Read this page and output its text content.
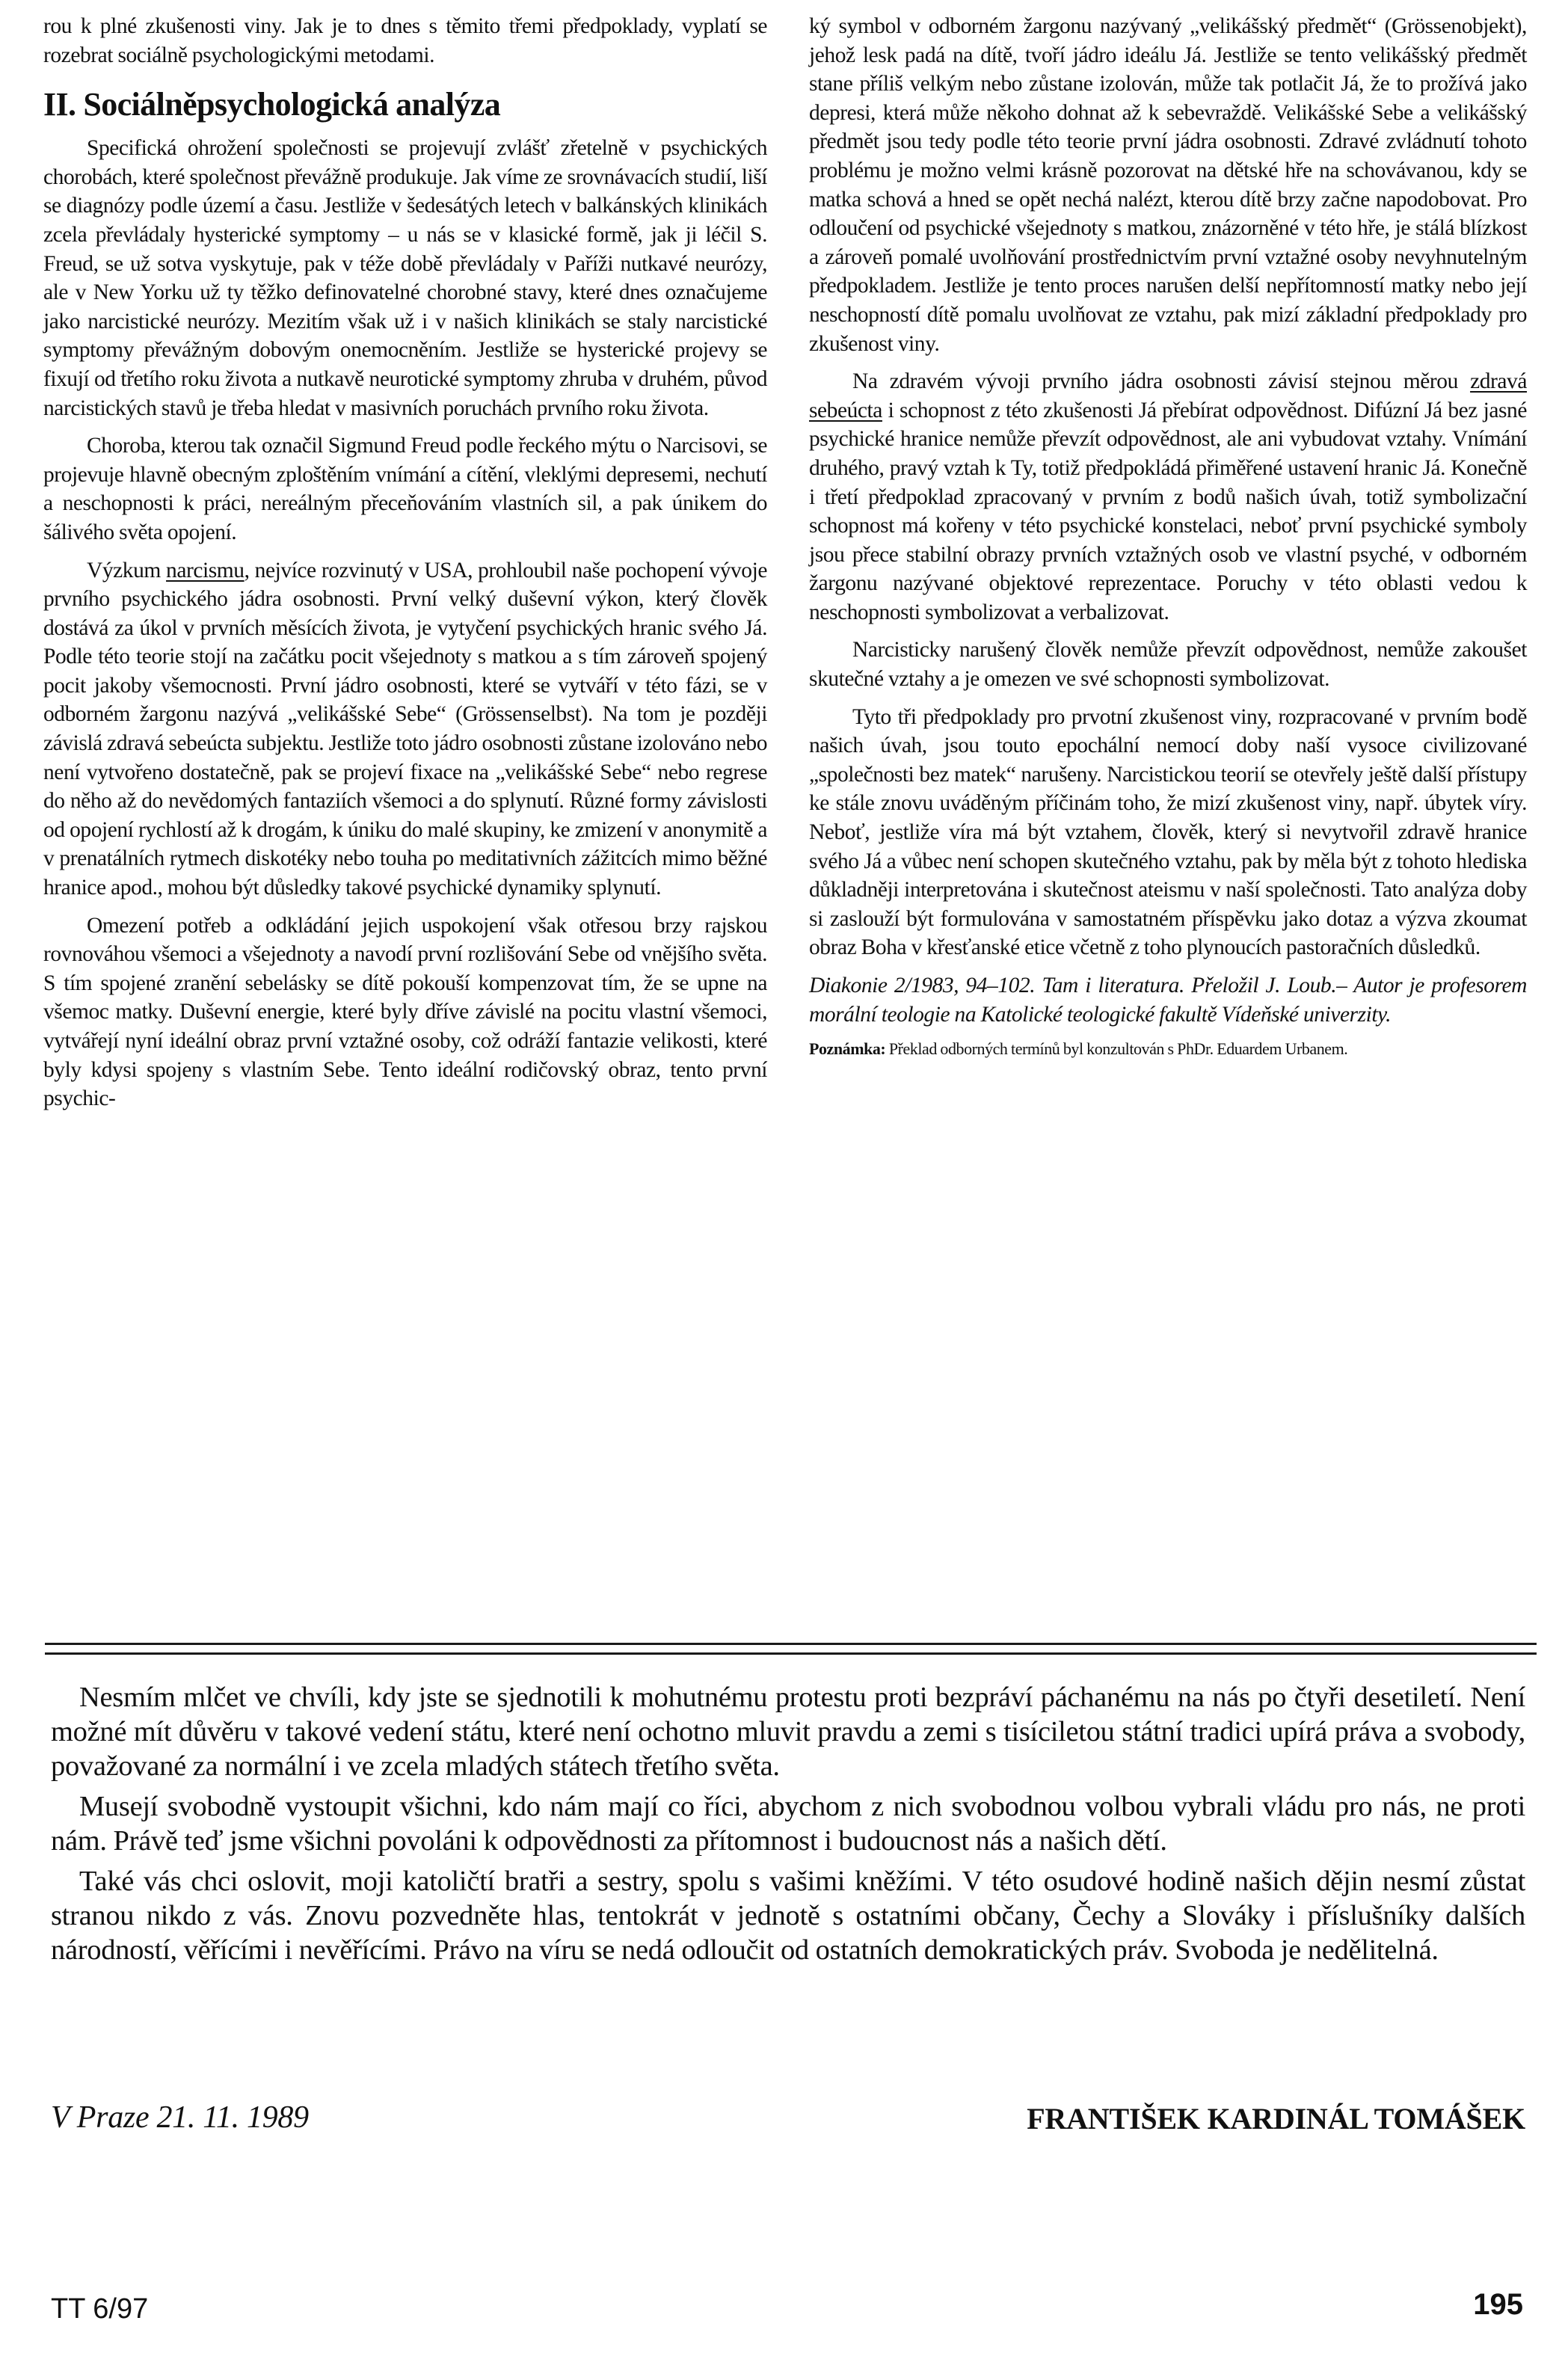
rou k plné zkušenosti viny. Jak je to dnes s těmito třemi předpoklady, vyplatí se rozebrat sociálně psychologickými metodami.

II. Sociálněpsychologická analýza

Specifická ohrožení společnosti se projevují zvlášť zřetelně v psychických chorobách, které společnost převážně produkuje. Jak víme ze srovnávacích studií, liší se diagnózy podle území a času. Jestliže v šedesátých letech v balkánských klinikách zcela převládaly hysterické symptomy – u nás se v klasické formě, jak ji léčil S. Freud, se už sotva vyskytuje, pak v téže době převládaly v Paříži nutkavé neurózy, ale v New Yorku už ty těžko definovatelné chorobné stavy, které dnes označujeme jako narcistické neurózy. Mezitím však už i v našich klinikách se staly narcistické symptomy převážným dobovým onemocněním. Jestliže se hysterické projevy se fixují od třetího roku života a nutkavě neurotické symptomy zhruba v druhém, původ narcistických stavů je třeba hledat v masivních poruchách prvního roku života.

Choroba, kterou tak označil Sigmund Freud podle řeckého mýtu o Narcisovi, se projevuje hlavně obecným zploštěním vnímání a cítění, vleklými depresemi, nechutí a neschopnosti k práci, nereálným přeceňováním vlastních sil, a pak únikem do šálivého světa opojení.

Výzkum narcismu, nejvíce rozvinutý v USA, prohloubil naše pochopení vývoje prvního psychického jádra osobnosti. První velký duševní výkon, který člověk dostává za úkol v prvních měsících života, je vytyčení psychických hranic svého Já. Podle této teorie stojí na začátku pocit všejednoty s matkou a s tím zároveň spojený pocit jakoby všemocnosti. První jádro osobnosti, které se vytváří v této fázi, se v odborném žargonu nazývá „velikášské Sebe“ (Grössenselbst). Na tom je později závislá zdravá sebeúcta subjektu. Jestliže toto jádro osobnosti zůstane izolováno nebo není vytvořeno dostatečně, pak se projeví fixace na „velikášské Sebe“ nebo regrese do něho až do nevědomých fantaziích všemoci a do splynutí. Různé formy závislosti od opojení rychlostí až k drogám, k úniku do malé skupiny, ke zmizení v anonymitě a v prenatálních rytmech diskotéky nebo touha po meditativních zážitcích mimo běžné hranice apod., mohou být důsledky takové psychické dynamiky splynutí.

Omezení potřeb a odkládání jejich uspokojení však otřesou brzy rajskou rovnováhou všemoci a všejednoty a navodí první rozlišování Sebe od vnějšího světa. S tím spojené zranění sebelásky se dítě pokouší kompenzovat tím, že se upne na všemoc matky. Duševní energie, které byly dříve závislé na pocitu vlastní všemoci, vytvářejí nyní ideální obraz první vztažné osoby, což odráží fantazie velikosti, které byly kdysi spojeny s vlastním Sebe. Tento ideální rodičovský obraz, tento první psychic-

ký symbol v odborném žargonu nazývaný „velikášský předmět“ (Grössenobjekt), jehož lesk padá na dítě, tvoří jádro ideálu Já. Jestliže se tento velikášský předmět stane příliš velkým nebo zůstane izolován, může tak potlačit Já, že to prožívá jako depresi, která může někoho dohnat až k sebevraždě. Velikášské Sebe a velikášský předmět jsou tedy podle této teorie první jádra osobnosti. Zdravé zvládnutí tohoto problému je možno velmi krásně pozorovat na dětské hře na schovávanou, kdy se matka schová a hned se opět nechá nalézt, kterou dítě brzy začne napodobovat. Pro odloučení od psychické všejednoty s matkou, znázorněné v této hře, je stálá blízkost a zároveň pomalé uvolňování prostřednictvím první vztažné osoby nevyhnutelným předpokladem. Jestliže je tento proces narušen delší nepřítomností matky nebo její neschopností dítě pomalu uvolňovat ze vztahu, pak mizí základní předpoklady pro zkušenost viny.

Na zdravém vývoji prvního jádra osobnosti závisí stejnou měrou zdravá sebeúcta i schopnost z této zkušenosti Já přebírat odpovědnost. Difúzní Já bez jasné psychické hranice nemůže převzít odpovědnost, ale ani vybudovat vztahy. Vnímání druhého, pravý vztah k Ty, totiž předpokládá přiměřené ustavení hranic Já. Konečně i třetí předpoklad zpracovaný v prvním z bodů našich úvah, totiž symbolizační schopnost má kořeny v této psychické konstelaci, neboť první psychické symboly jsou přece stabilní obrazy prvních vztažných osob ve vlastní psyché, v odborném žargonu nazývané objektové reprezentace. Poruchy v této oblasti vedou k neschopnosti symbolizovat a verbalizovat.

Narcisticky narušený člověk nemůže převzít odpovědnost, nemůže zakoušet skutečné vztahy a je omezen ve své schopnosti symbolizovat.

Tyto tři předpoklady pro prvotní zkušenost viny, rozpracované v prvním bodě našich úvah, jsou touto epochální nemocí doby naší vysoce civilizované „společnosti bez matek“ narušeny. Narcistickou teorií se otevřely ještě další přístupy ke stále znovu uváděným příčinám toho, že mizí zkušenost viny, např. úbytek víry. Neboť, jestliže víra má být vztahem, člověk, který si nevytvořil zdravě hranice svého Já a vůbec není schopen skutečného vztahu, pak by měla být z tohoto hlediska důkladněji interpretována i skutečnost ateismu v naší společnosti. Tato analýza doby si zaslouží být formulována v samostatném příspěvku jako dotaz a výzva zkoumat obraz Boha v křesťanské etice včetně z toho plynoucích pastoračních důsledků.

Diakonie 2/1983, 94–102. Tam i literatura. Přeložil J. Loub.– Autor je profesorem morální teologie na Katolické teologické fakultě Vídeňské univerzity.

Poznámka: Překlad odborných termínů byl konzultován s PhDr. Eduardem Urbanem.

Nesmím mlčet ve chvíli, kdy jste se sjednotili k mohutnému protestu proti bezpráví páchanému na nás po čtyři desetiletí. Není možné mít důvěru v takové vedení státu, které není ochotno mluvit pravdu a zemi s tisíciletou státní tradici upírá práva a svobody, považované za normální i ve zcela mladých státech třetího světa.

Musejí svobodně vystoupit všichni, kdo nám mají co říci, abychom z nich svobodnou volbou vybrali vládu pro nás, ne proti nám. Právě teď jsme všichni povoláni k odpovědnosti za přítomnost i budoucnost nás a našich dětí.

Také vás chci oslovit, moji katoličtí bratři a sestry, spolu s vašimi kněžími. V této osudové hodině našich dějin nesmí zůstat stranou nikdo z vás. Znovu pozvedněte hlas, tentokrát v jednotě s ostatními občany, Čechy a Slováky i příslušníky dalších národností, věřícími i nevěřícími. Právo na víru se nedá odloučit od ostatních demokratických práv. Svoboda je nedělitelná.

V Praze 21. 11. 1989	FRANTIŠEK KARDINÁL TOMÁŠEK
TT 6/97	195
